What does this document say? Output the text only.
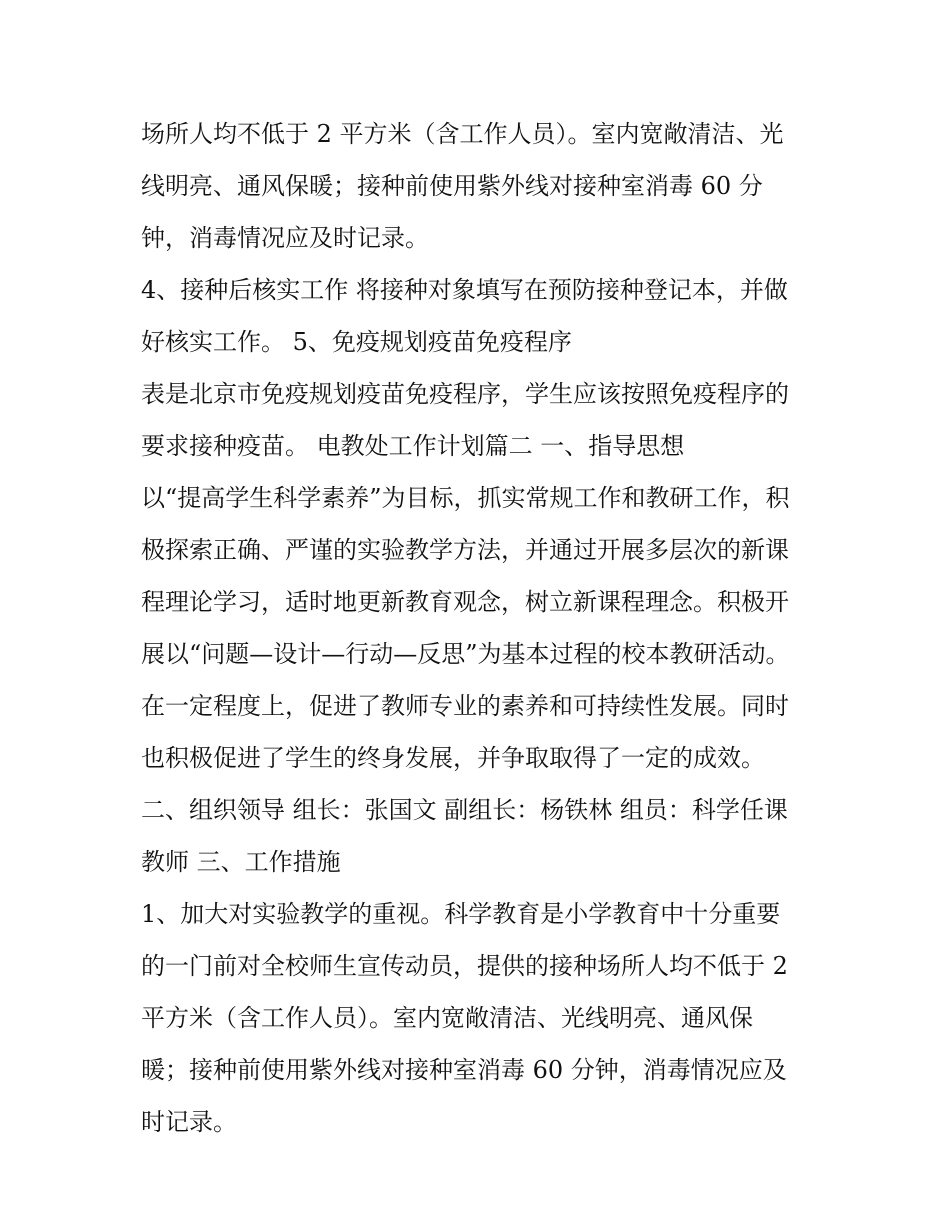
场所人均不低于 2 平方米（含工作人员）。室内宽敞清洁、光
线明亮、通风保暖；接种前使用紫外线对接种室消毒 60 分
钟，消毒情况应及时记录。
4、接种后核实工作 将接种对象填写在预防接种登记本，并做
好核实工作。 5、免疫规划疫苗免疫程序
表是北京市免疫规划疫苗免疫程序，学生应该按照免疫程序的
要求接种疫苗。 电教处工作计划篇二 一、指导思想
以“提高学生科学素养”为目标，抓实常规工作和教研工作，积
极探索正确、严谨的实验教学方法，并通过开展多层次的新课
程理论学习，适时地更新教育观念，树立新课程理念。积极开
展以“问题—设计—行动—反思”为基本过程的校本教研活动。
在一定程度上，促进了教师专业的素养和可持续性发展。同时
也积极促进了学生的终身发展，并争取取得了一定的成效。
二、组织领导 组长：张国文 副组长：杨铁林 组员：科学任课
教师 三、工作措施
1、加大对实验教学的重视。科学教育是小学教育中十分重要
的一门前对全校师生宣传动员，提供的接种场所人均不低于 2
平方米（含工作人员）。室内宽敞清洁、光线明亮、通风保
暖；接种前使用紫外线对接种室消毒 60 分钟，消毒情况应及
时记录。
